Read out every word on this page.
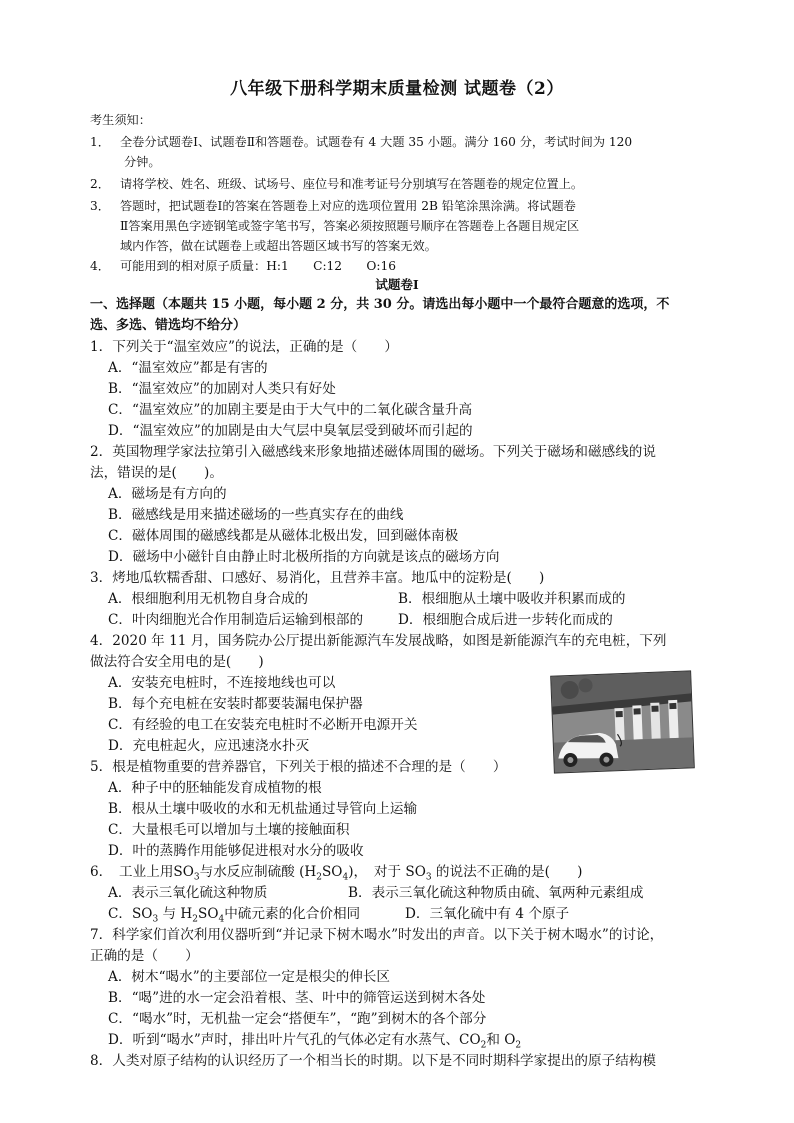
八年级下册科学期末质量检测 试题卷（2）
考生须知：
1． 全卷分试题卷Ⅰ、试题卷Ⅱ和答题卷。试题卷有 4 大题 35 小题。满分 160 分，考试时间为 120
分钟。
2． 请将学校、姓名、班级、试场号、座位号和准考证号分别填写在答题卷的规定位置上。
3． 答题时，把试题卷Ⅰ的答案在答题卷上对应的选项位置用 2B 铅笔涂黑涂满。将试题卷
Ⅱ答案用黑色字迹钢笔或签字笔书写，答案必须按照题号顺序在答题卷上各题目规定区
域内作答，做在试题卷上或超出答题区域书写的答案无效。
4． 可能用到的相对原子质量：H:1　　C:12　　O:16
试题卷Ⅰ
一、选择题（本题共 15 小题，每小题 2 分，共 30 分。请选出每小题中一个最符合题意的选项，不
选、多选、错选均不给分）
1．下列关于“温室效应”的说法，正确的是（　　）
A．“温室效应”都是有害的
B．“温室效应”的加剧对人类只有好处
C．“温室效应”的加剧主要是由于大气中的二氧化碳含量升高
D．“温室效应”的加剧是由大气层中臭氧层受到破坏而引起的
2．英国物理学家法拉第引入磁感线来形象地描述磁体周围的磁场。下列关于磁场和磁感线的说
法，错误的是(　　)。
A．磁场是有方向的
B．磁感线是用来描述磁场的一些真实存在的曲线
C．磁体周围的磁感线都是从磁体北极出发，回到磁体南极
D．磁场中小磁针自由静止时北极所指的方向就是该点的磁场方向
3．烤地瓜软糯香甜、口感好、易消化，且营养丰富。地瓜中的淀粉是(　　)
A．根细胞利用无机物自身合成的	B．根细胞从土壤中吸收并积累而成的
C．叶肉细胞光合作用制造后运输到根部的	D．根细胞合成后进一步转化而成的
4．2020 年 11 月，国务院办公厅提出新能源汽车发展战略，如图是新能源汽车的充电桩，下列
做法符合安全用电的是(　　)
A．安装充电桩时，不连接地线也可以
B．每个充电桩在安装时都要装漏电保护器
C．有经验的电工在安装充电桩时不必断开电源开关
D．充电桩起火，应迅速浇水扑灭
5．根是植物重要的营养器官，下列关于根的描述不合理的是（　　）
A．种子中的胚轴能发育成植物的根
B．根从土壤中吸收的水和无机盐通过导管向上运输
C．大量根毛可以增加与土壤的接触面积
D．叶的蒸腾作用能够促进根对水分的吸收
6．　工业上用$SO_3$与水反应制硫酸 $(H_2SO_4)$，　对于 $SO_3$ 的说法不正确的是(　　)
A．表示三氧化硫这种物质	B．表示三氧化硫这种物质由硫、氧两种元素组成
C．$SO_3$ 与 $H_2SO_4$中硫元素的化合价相同	D．三氧化硫中有 4 个原子
7．科学家们首次利用仪器听到“并记录下树木喝水”时发出的声音。以下关于树木喝水”的讨论，
正确的是（　　）
A．树木“喝水”的主要部位一定是根尖的伸长区
B．“喝”进的水一定会沿着根、茎、叶中的筛管运送到树木各处
C．“喝水”时，无机盐一定会“搭便车”，“跑”到树木的各个部分
D．听到“喝水”声时，排出叶片气孔的气体必定有水蒸气、$CO_2$和 $O_2$
8．人类对原子结构的认识经历了一个相当长的时期。以下是不同时期科学家提出的原子结构模
